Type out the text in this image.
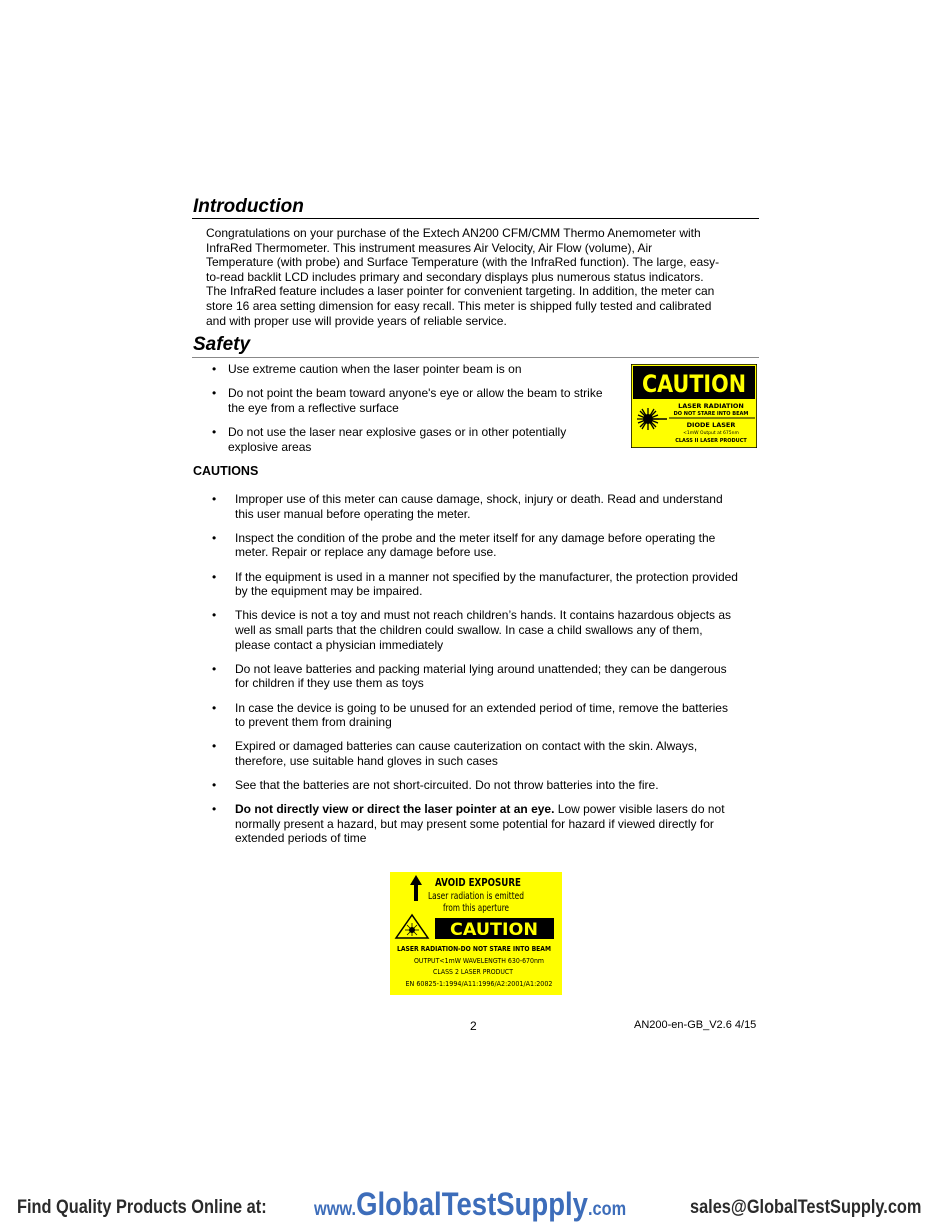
Introduction
Congratulations on your purchase of the Extech AN200 CFM/CMM Thermo Anemometer with
InfraRed Thermometer. This instrument measures Air Velocity, Air Flow (volume), Air
Temperature (with probe) and Surface Temperature (with the InfraRed function). The large, easy-
to-read backlit LCD includes primary and secondary displays plus numerous status indicators.
The InfraRed feature includes a laser pointer for convenient targeting. In addition, the meter can
store 16 area setting dimension for easy recall. This meter is shipped fully tested and calibrated
and with proper use will provide years of reliable service.
Safety
• Use extreme caution when the laser pointer beam is on
• Do not point the beam toward anyone's eye or allow the beam to strike
the eye from a reflective surface
• Do not use the laser near explosive gases or in other potentially
explosive areas
CAUTIONS
• Improper use of this meter can cause damage, shock, injury or death. Read and understand
this user manual before operating the meter.
• Inspect the condition of the probe and the meter itself for any damage before operating the
meter. Repair or replace any damage before use.
• If the equipment is used in a manner not specified by the manufacturer, the protection provided
by the equipment may be impaired.
• This device is not a toy and must not reach children’s hands. It contains hazardous objects as
well as small parts that the children could swallow. In case a child swallows any of them,
please contact a physician immediately
• Do not leave batteries and packing material lying around unattended; they can be dangerous
for children if they use them as toys
• In case the device is going to be unused for an extended period of time, remove the batteries
to prevent them from draining
• Expired or damaged batteries can cause cauterization on contact with the skin. Always,
therefore, use suitable hand gloves in such cases
• See that the batteries are not short-circuited. Do not throw batteries into the fire.
• Do not directly view or direct the laser pointer at an eye. Low power visible lasers do not
normally present a hazard, but may present some potential for hazard if viewed directly for
extended periods of time
CAUTION
LASER RADIATION
DO NOT STARE INTO BEAM
DIODE LASER
<1mW Output at 675nm
CLASS II LASER PRODUCT
AVOID EXPOSURE
Laser radiation is emitted
from this aperture
CAUTION
LASER RADIATION-DO NOT STARE INTO BEAM
OUTPUT<1mW WAVELENGTH 630-670nm
CLASS 2 LASER PRODUCT
EN 60825-1:1994/A11:1996/A2:2001/A1:2002
2	AN200-en-GB_V2.6 4/15
Find Quality Products Online at: www.GlobalTestSupply.com	sales@GlobalTestSupply.com
